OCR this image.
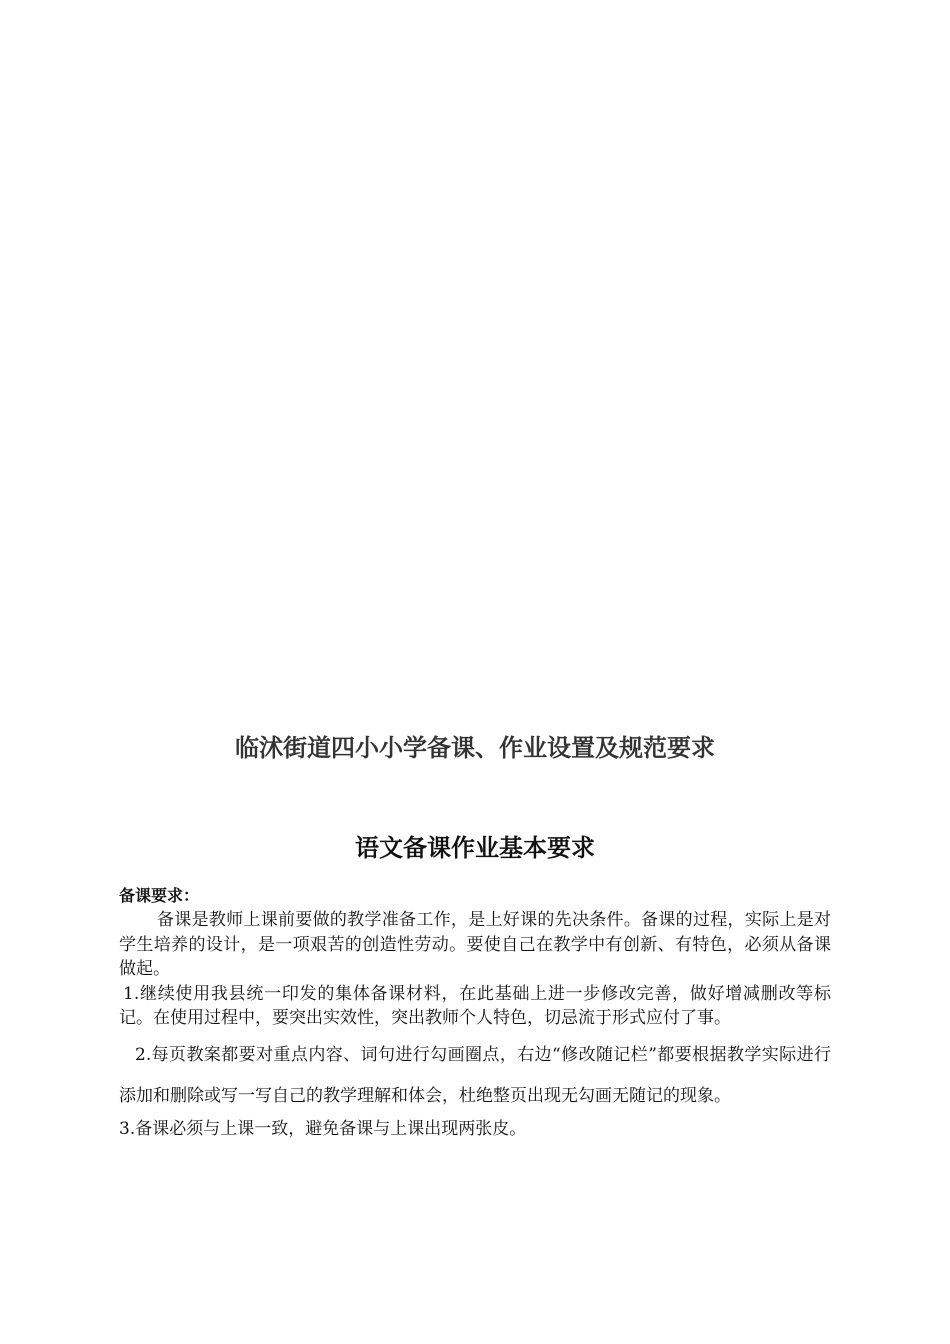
临沭街道四小小学备课、作业设置及规范要求
语文备课作业基本要求

备课要求：

备课是教师上课前要做的教学准备工作，是上好课的先决条件。备课的过程，实际上是对学生培养的设计，是一项艰苦的创造性劳动。要使自己在教学中有创新、有特色，必须从备课做起。

1.继续使用我县统一印发的集体备课材料，在此基础上进一步修改完善，做好增减删改等标记。在使用过程中，要突出实效性，突出教师个人特色，切忌流于形式应付了事。

2.每页教案都要对重点内容、词句进行勾画圈点，右边“修改随记栏”都要根据教学实际进行添加和删除或写一写自己的教学理解和体会，杜绝整页出现无勾画无随记的现象。

3.备课必须与上课一致，避免备课与上课出现两张皮。
